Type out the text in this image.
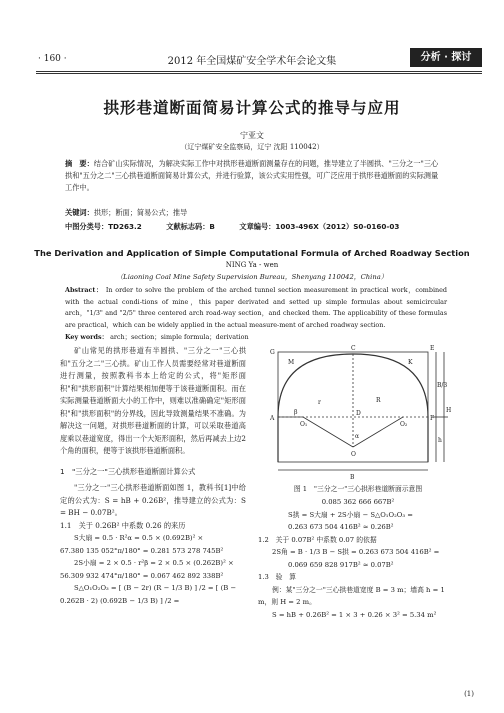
· 160 ·	2012 年全国煤矿安全学术年会论文集	分析 · 探讨
拱形巷道断面简易计算公式的推导与应用
宁亚文
（辽宁煤矿安全监察局，辽宁 沈阳 110042）
摘　要：结合矿山实际情况，为解决实际工作中对拱形巷道断面测量存在的问题，推导建立了半圆拱、"三分之一"三心拱和"五分之二"三心拱巷道断面简易计算公式，并进行验算，该公式实用性强，可广泛应用于拱形巷道断面的实际测量工作中。
关键词：拱形；断面；简易公式；推导
中图分类号：TD263.2	文献标志码：B	文章编号：1003-496X（2012）S0-0160-03
The Derivation and Application of Simple Computational Formula of Arched Roadway Section
NING Ya - wen
（Liaoning Coal Mine Safety Supervision Bureau，Shenyang 110042，China）
Abstract： In order to solve the problem of the arched tunnel section measurement in practical work，combined with the actual condi-tions of mine，this paper derivated and setted up simple formulas about semicircular arch，"1/3" and "2/5" three centered arch road-way section，and checked them. The applicability of these formulas are practical，which can be widely applied in the actual measure-ment of arched roadway section.
Key words： arch；section；simple formula；derivation
矿山常见的拱形巷道有半圆拱、"三分之一"三心拱和"五分之二"三心拱。矿山工作人员需要经常对巷道断面进行测量，按照教科书本上给定的公式，将"矩形面积"和"拱形面积"计算结果相加便等于该巷道断面积。而在实际测量巷道断面大小的工作中，则难以准确确定"矩形面积"和"拱形面积"的分界线，因此导致测量结果不准确。为解决这一问题，对拱形巷道断面的计算，可以采取巷道高度乘以巷道宽度，得出一个大矩形面积，然后再减去上边2个角的面积，便等于该拱形巷道断面积。
1　"三分之一"三心拱形巷道断面计算公式
"三分之一"三心拱形巷道断面如图 1，教科书[1]中给定的公式为：S = hB + 0.26B²，推导建立的公式为：S = BH − 0.07B²。
1.1　关于 0.26B² 中系数 0.26 的来历
S大扇 = 0.5 · R²α = 0.5 × (0.692B)² ×
67.380 135 052°π/180° = 0.281 573 278 745B²
2S小扇 = 2 × 0.5 · r²β = 2 × 0.5 × (0.262B)² ×
56.309 932 474°π/180° = 0.067 462 892 338B²
S△O₁O₂O₃ = [ (B − 2r) (R − 1/3 B) ] /2 = [ (B −
0.262B · 2) (0.692B − 1/3 B) ] /2 =
G
M
C
K
E
A
D
F
O₁	O₂
O
β
α
B
h
H
R
B/3
r
图 1　"三分之一"三心拱形巷道断面示意图
0.085 362 666 667B²
S拱 = S大扇 + 2S小扇 − S△O₁O₂O₃ =
0.263 673 504 416B² ≈ 0.26B²
1.2　关于 0.07B² 中系数 0.07 的依据
2S角 = B · 1/3 B − S拱 = 0.263 673 504 416B² =
0.069 659 828 917B² ≈ 0.07B²
1.3　验　算
例：某"三分之一"三心拱巷道宽度 B = 3 m；墙高 h = 1 m，则 H = 2 m。
S = hB + 0.26B² = 1 × 3 + 0.26 × 3² = 5.34 m²
(1)
